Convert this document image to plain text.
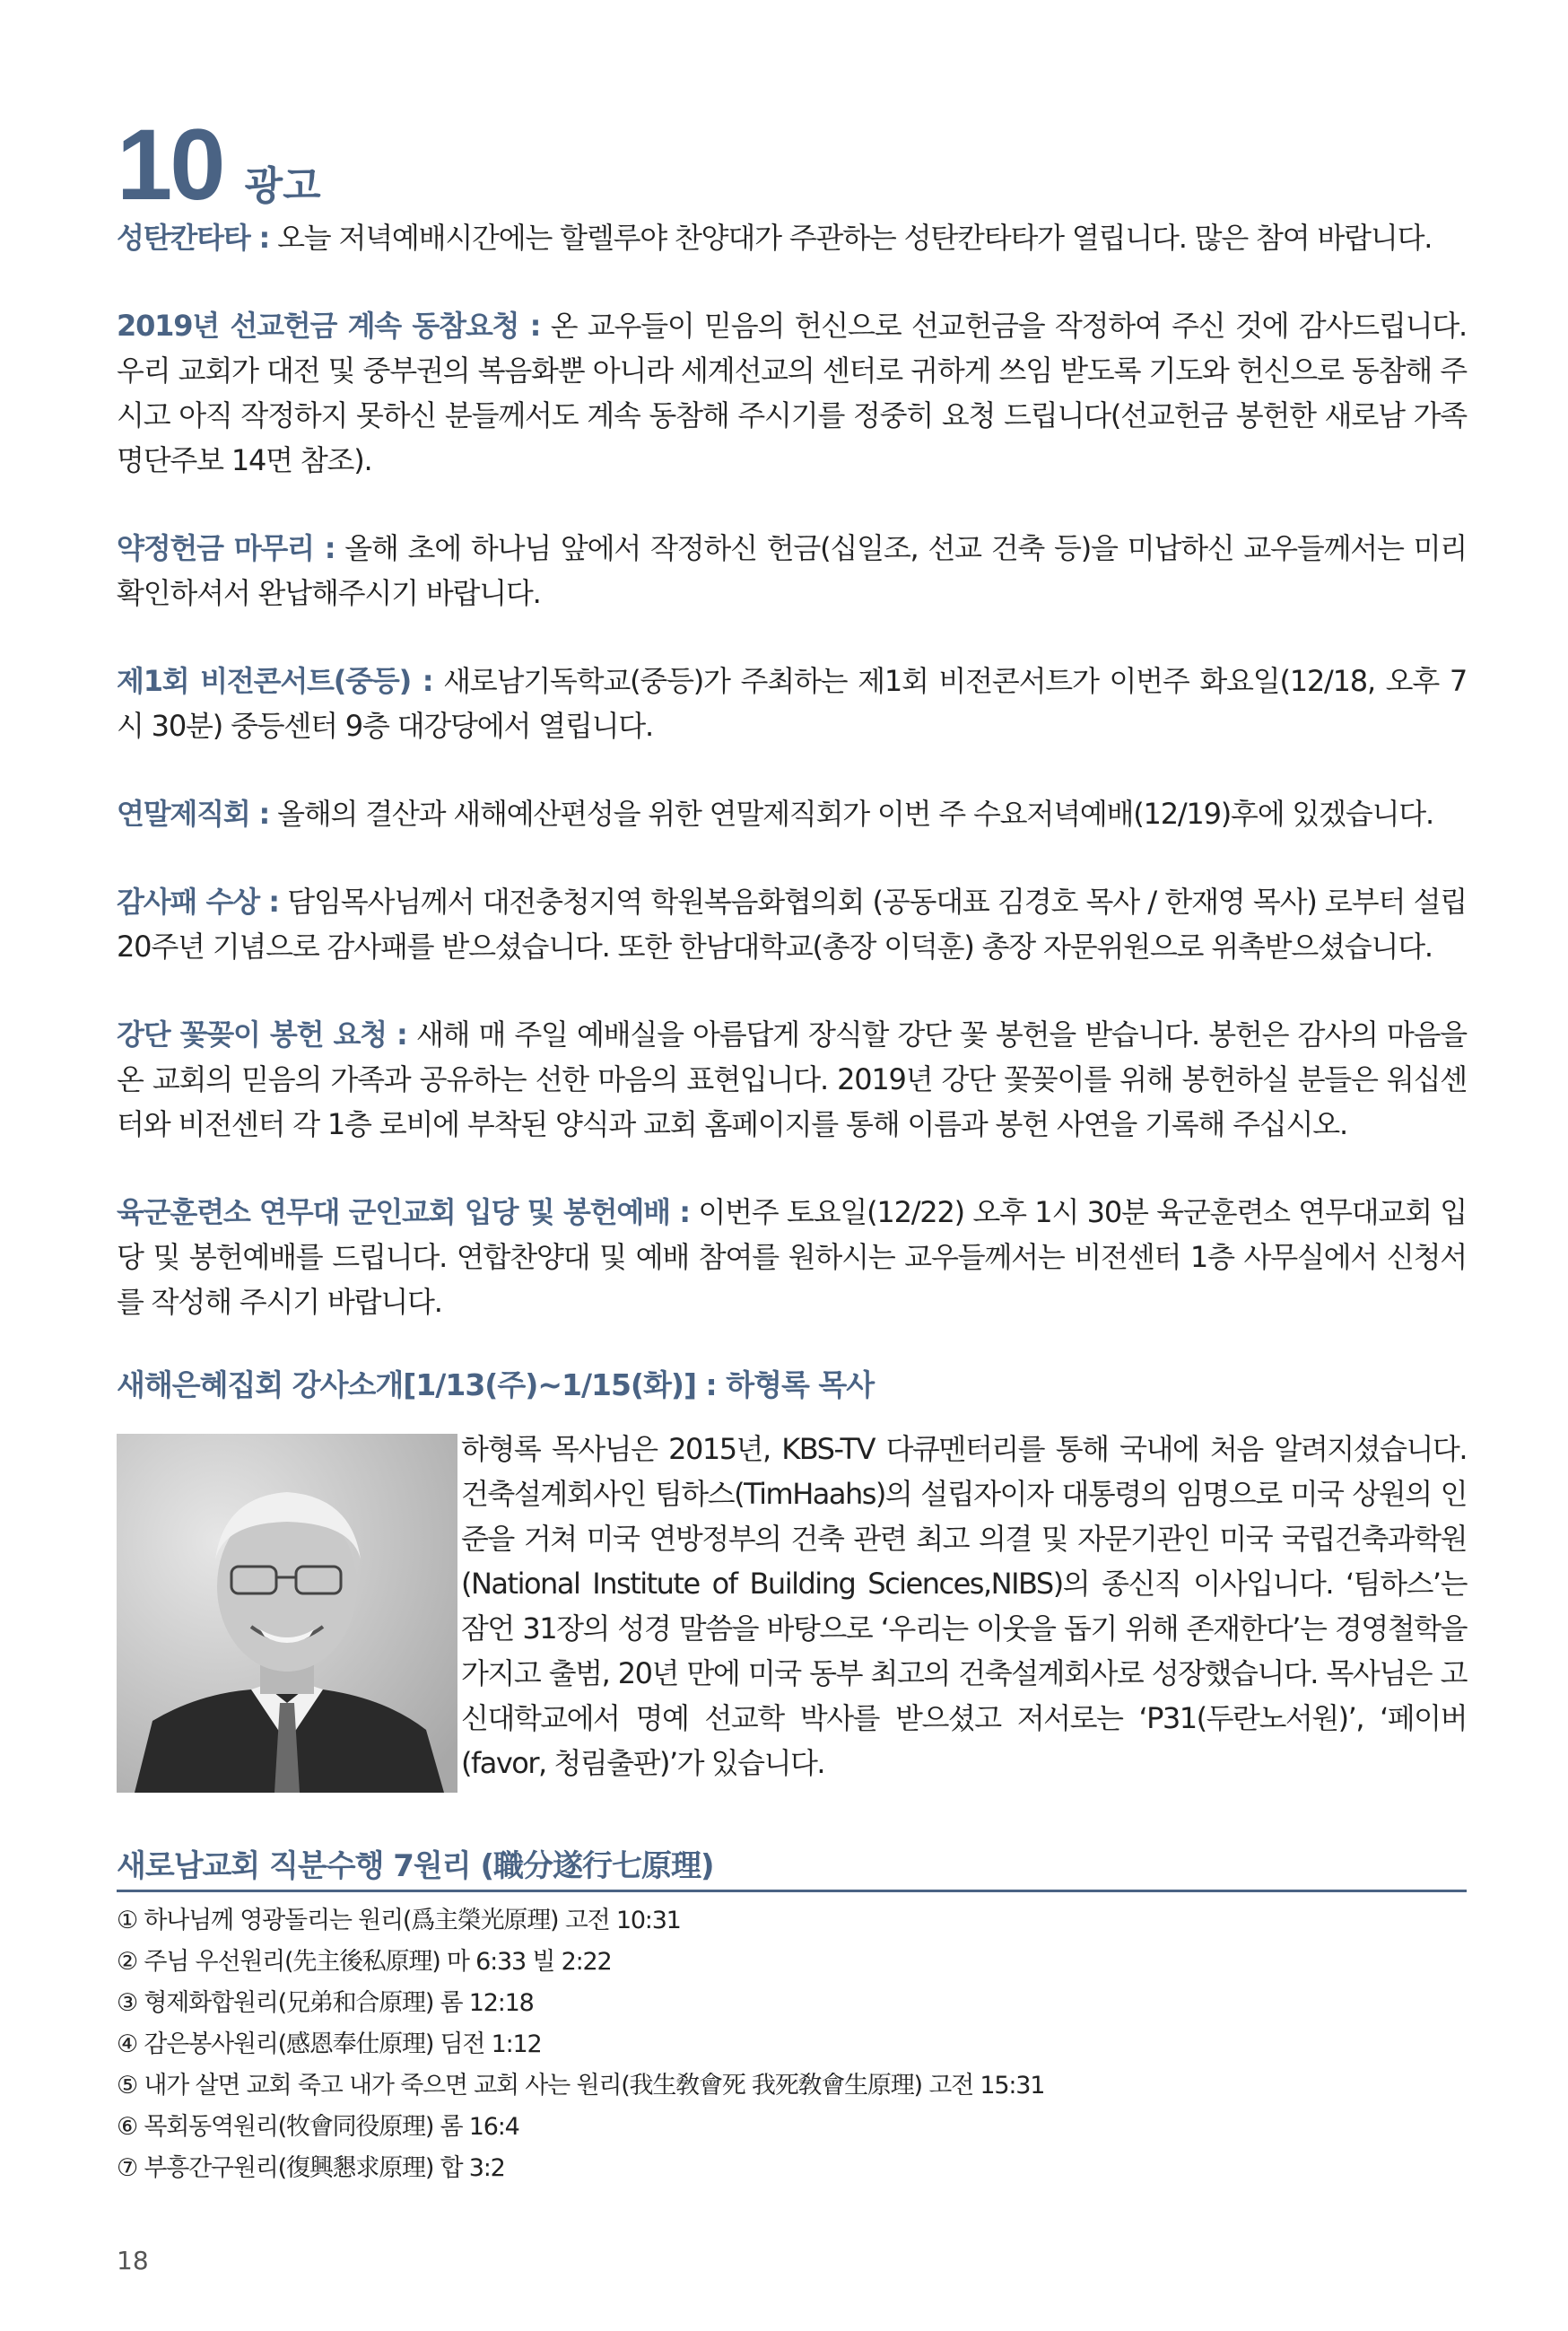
10 광고

성탄칸타타 : 오늘 저녁예배시간에는 할렐루야 찬양대가 주관하는 성탄칸타타가 열립니다. 많은 참여 바랍니다.

2019년 선교헌금 계속 동참요청 : 온 교우들이 믿음의 헌신으로 선교헌금을 작정하여 주신 것에 감사드립니다. 우리 교회가 대전 및 중부권의 복음화뿐 아니라 세계선교의 센터로 귀하게 쓰임 받도록 기도와 헌신으로 동참해 주시고 아직 작정하지 못하신 분들께서도 계속 동참해 주시기를 정중히 요청 드립니다(선교헌금 봉헌한 새로남 가족명단주보 14면 참조).

약정헌금 마무리 : 올해 초에 하나님 앞에서 작정하신 헌금(십일조, 선교 건축 등)을 미납하신 교우들께서는 미리 확인하셔서 완납해주시기 바랍니다.

제1회 비전콘서트(중등) : 새로남기독학교(중등)가 주최하는 제1회 비전콘서트가 이번주 화요일(12/18, 오후 7시 30분) 중등센터 9층 대강당에서 열립니다.

연말제직회 : 올해의 결산과 새해예산편성을 위한 연말제직회가 이번 주 수요저녁예배(12/19)후에 있겠습니다.

감사패 수상 : 담임목사님께서 대전충청지역 학원복음화협의회 (공동대표 김경호 목사 / 한재영 목사) 로부터 설립20주년 기념으로 감사패를 받으셨습니다. 또한 한남대학교(총장 이덕훈) 총장 자문위원으로 위촉받으셨습니다.

강단 꽃꽂이 봉헌 요청 : 새해 매 주일 예배실을 아름답게 장식할 강단 꽃 봉헌을 받습니다. 봉헌은 감사의 마음을 온 교회의 믿음의 가족과 공유하는 선한 마음의 표현입니다. 2019년 강단 꽃꽂이를 위해 봉헌하실 분들은 워십센터와 비전센터 각 1층 로비에 부착된 양식과 교회 홈페이지를 통해 이름과 봉헌 사연을 기록해 주십시오.

육군훈련소 연무대 군인교회 입당 및 봉헌예배 : 이번주 토요일(12/22) 오후 1시 30분 육군훈련소 연무대교회 입당 및 봉헌예배를 드립니다. 연합찬양대 및 예배 참여를 원하시는 교우들께서는 비전센터 1층 사무실에서 신청서를 작성해 주시기 바랍니다.

새해은혜집회 강사소개[1/13(주)~1/15(화)] : 하형록 목사

하형록 목사님은 2015년, KBS-TV 다큐멘터리를 통해 국내에 처음 알려지셨습니다. 건축설계회사인 팀하스(TimHaahs)의 설립자이자 대통령의 임명으로 미국 상원의 인준을 거쳐 미국 연방정부의 건축 관련 최고 의결 및 자문기관인 미국 국립건축과학원(National Institute of Building Sciences,NIBS)의 종신직 이사입니다. ‘팀하스’는 잠언 31장의 성경 말씀을 바탕으로 ‘우리는 이웃을 돕기 위해 존재한다’는 경영철학을 가지고 출범, 20년 만에 미국 동부 최고의 건축설계회사로 성장했습니다. 목사님은 고신대학교에서 명예 선교학 박사를 받으셨고 저서로는 ‘P31(두란노서원)’, ‘페이버(favor, 청림출판)’가 있습니다.

새로남교회 직분수행 7원리 (職分遂行七原理)
① 하나님께 영광돌리는 원리(爲主榮光原理) 고전 10:31
② 주님 우선원리(先主後私原理) 마 6:33 빌 2:22
③ 형제화합원리(兄弟和合原理) 롬 12:18
④ 감은봉사원리(感恩奉仕原理) 딤전 1:12
⑤ 내가 살면 교회 죽고 내가 죽으면 교회 사는 원리(我生敎會死 我死敎會生原理) 고전 15:31
⑥ 목회동역원리(牧會同役原理) 롬 16:4
⑦ 부흥간구원리(復興懇求原理) 합 3:2
18
